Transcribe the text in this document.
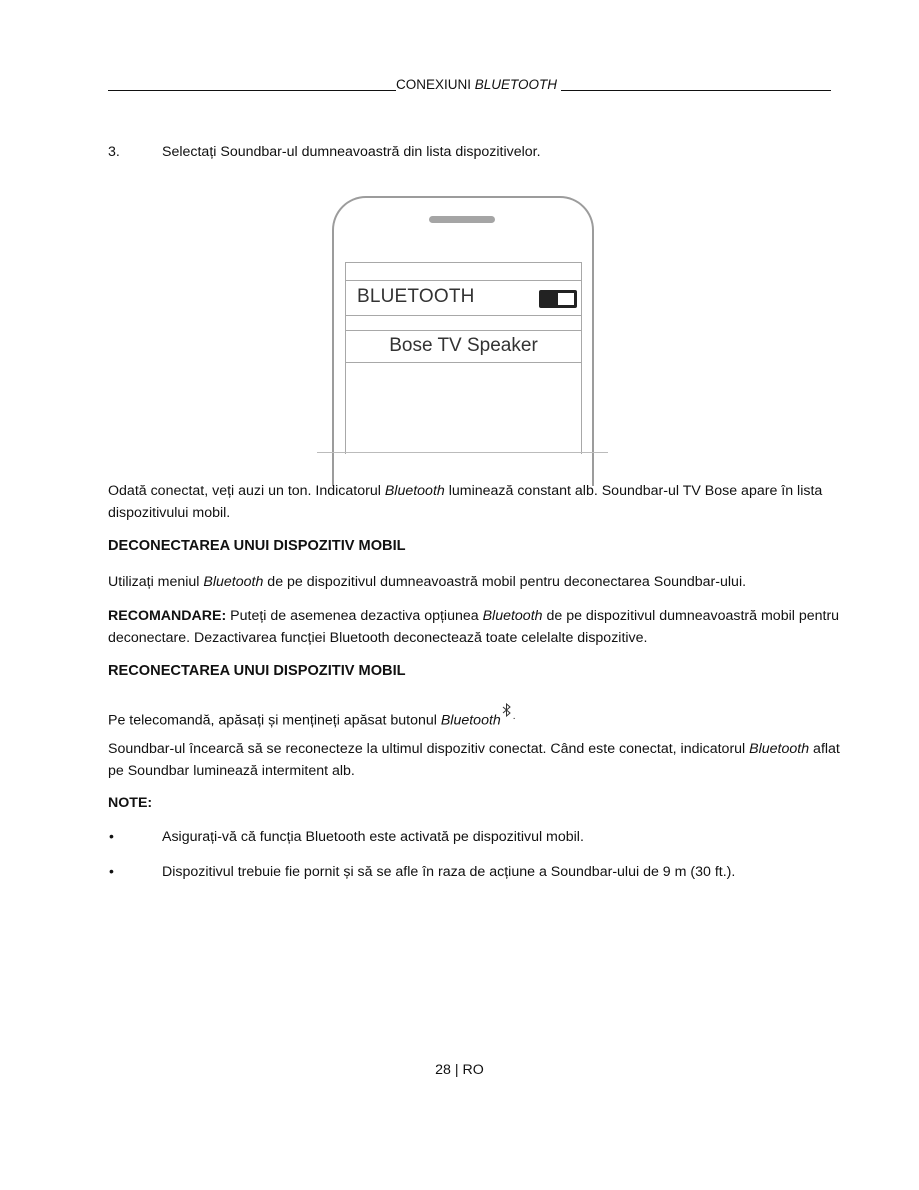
CONEXIUNI BLUETOOTH
3.	Selectați Soundbar-ul dumneavoastră din lista dispozitivelor.
BLUETOOTH
Bose TV Speaker
Odată conectat, veți auzi un ton. Indicatorul Bluetooth luminează constant alb. Soundbar-ul TV Bose apare în lista dispozitivului mobil.
DECONECTAREA UNUI DISPOZITIV MOBIL
Utilizați meniul Bluetooth de pe dispozitivul dumneavoastră mobil pentru deconectarea Soundbar-ului.
RECOMANDARE: Puteți de asemenea dezactiva opțiunea Bluetooth de pe dispozitivul dumneavoastră mobil pentru deconectare. Dezactivarea funcției Bluetooth deconectează toate celelalte dispozitive.
RECONECTAREA UNUI DISPOZITIV MOBIL
Pe telecomandă, apăsați și mențineți apăsat butonul Bluetooth .
Soundbar-ul încearcă să se reconecteze la ultimul dispozitiv conectat. Când este conectat, indicatorul Bluetooth aflat pe Soundbar luminează intermitent alb.
NOTE:
•	Asigurați-vă că funcția Bluetooth este activată pe dispozitivul mobil.
•	Dispozitivul trebuie fie pornit și să se afle în raza de acțiune a Soundbar-ului de 9 m (30 ft.).
28 | RO
